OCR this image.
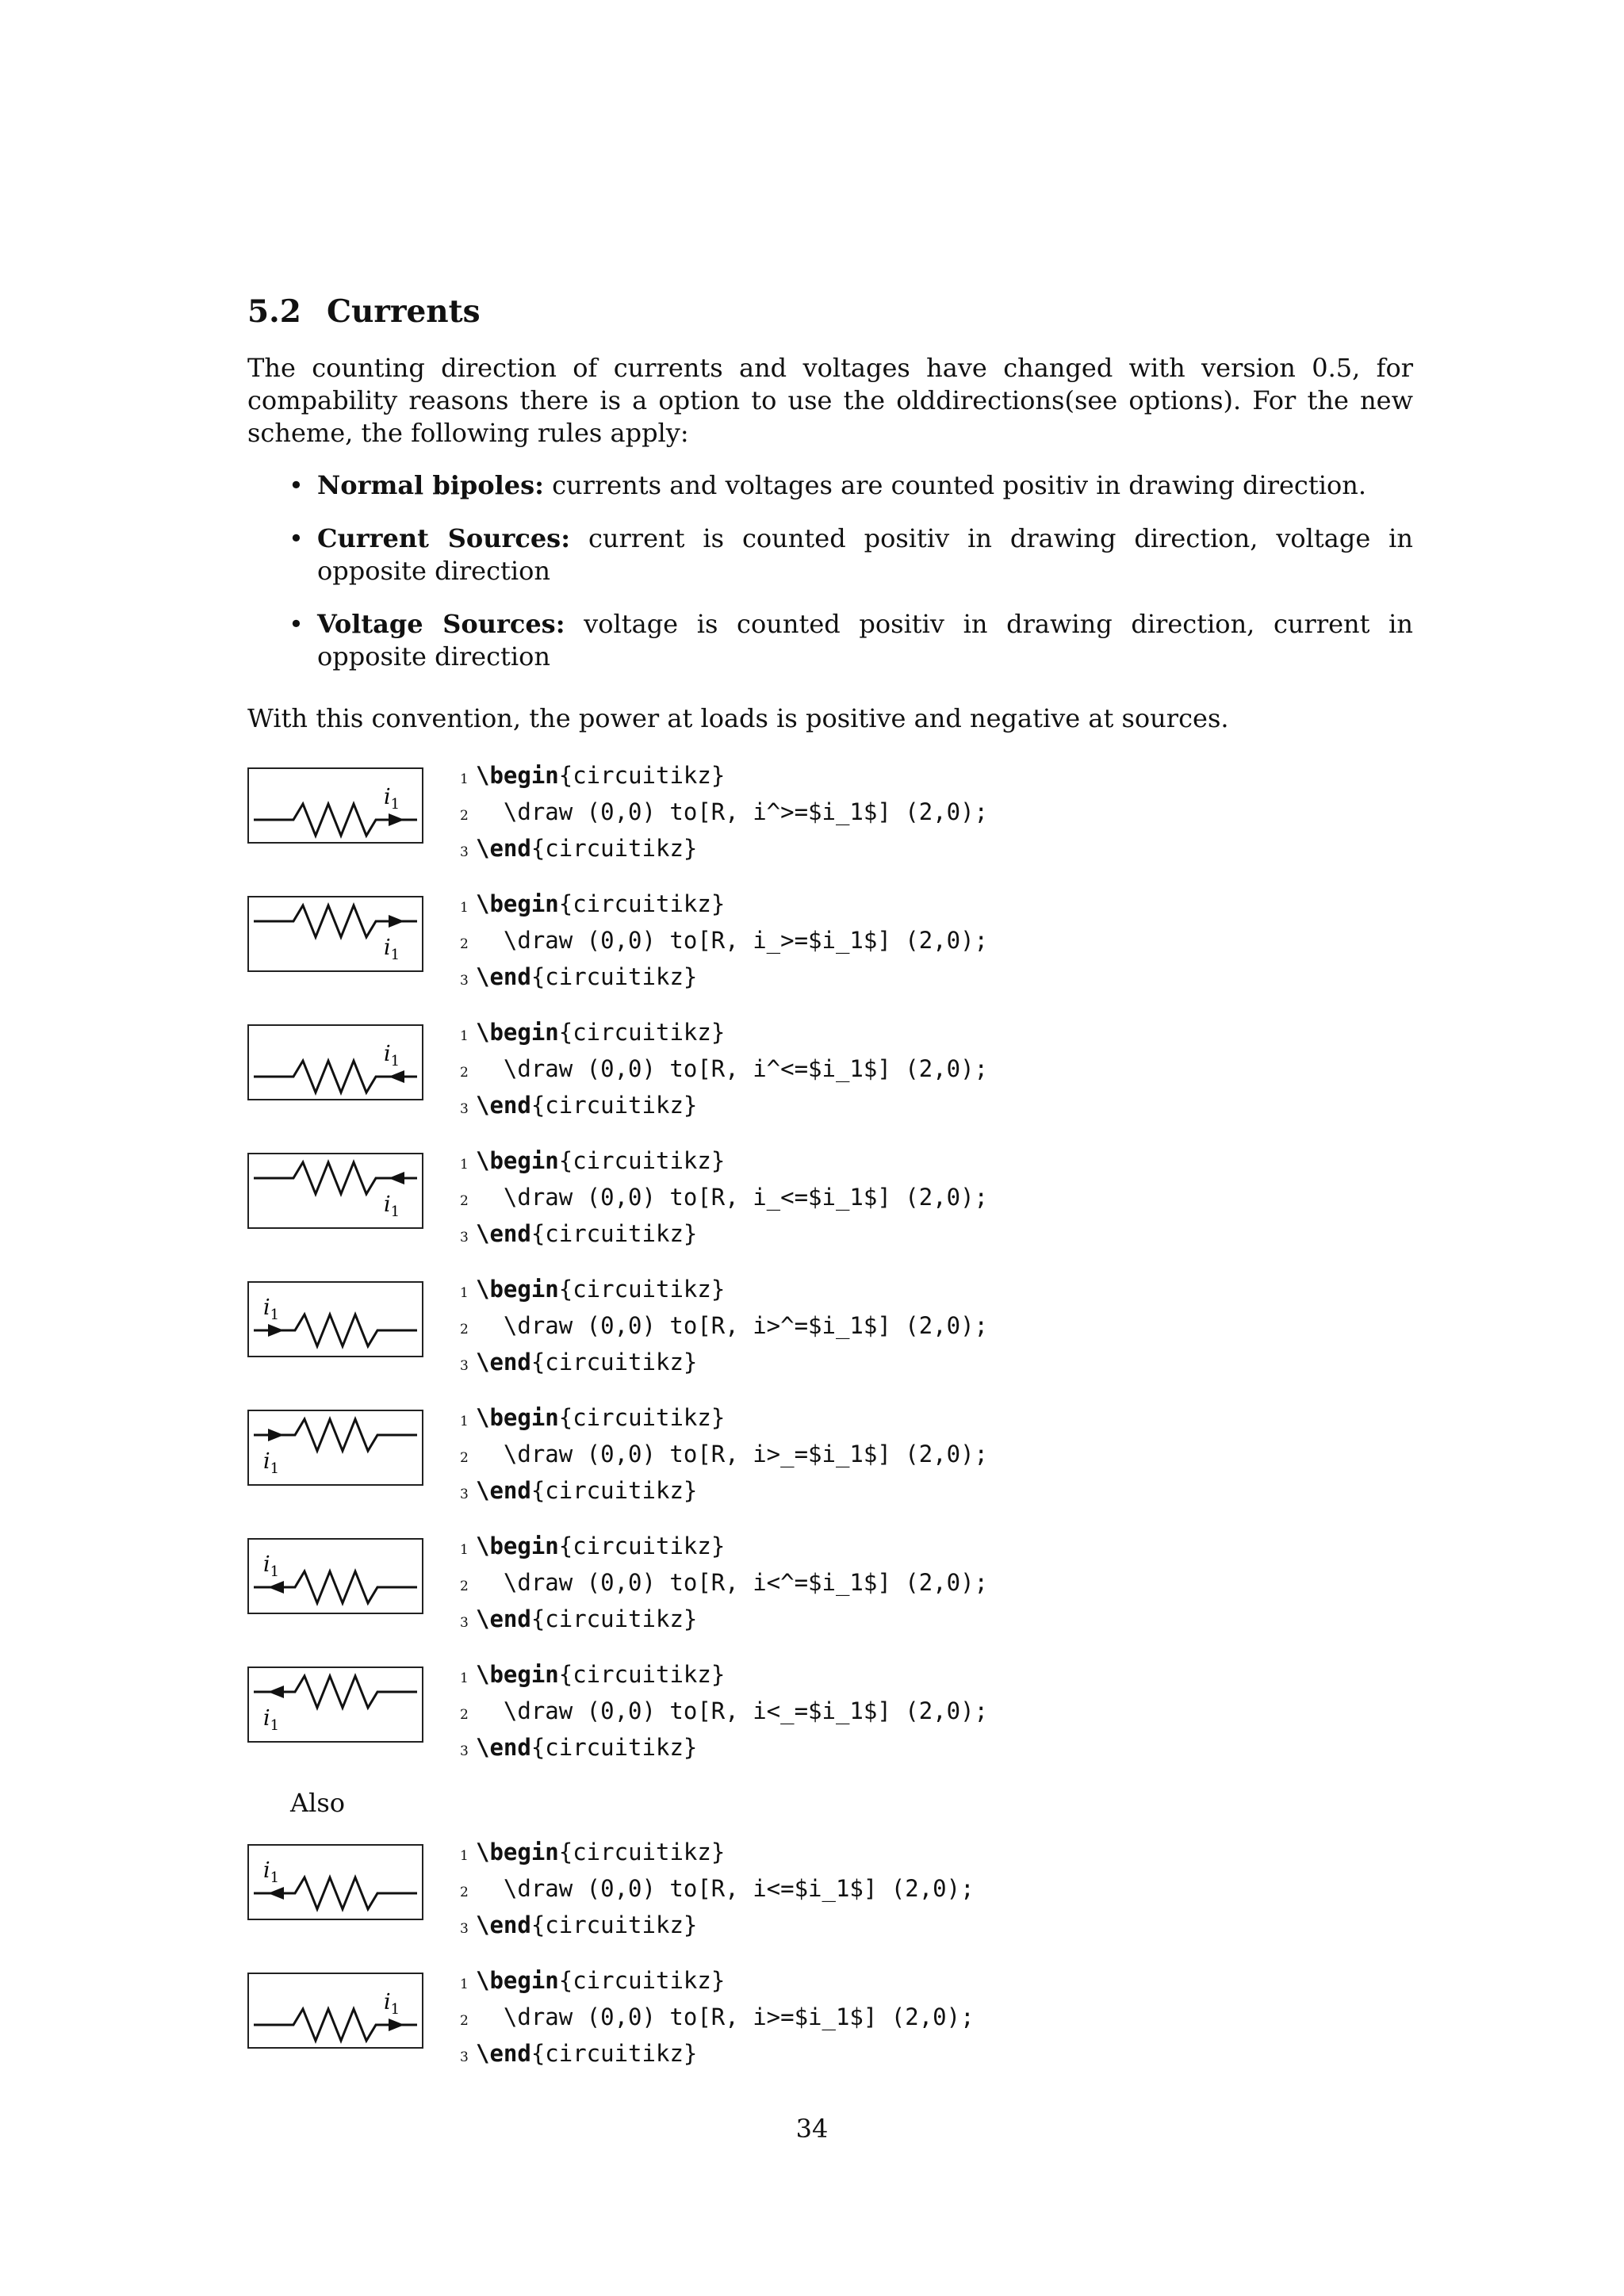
5.2 Currents
The counting direction of currents and voltages have changed with version 0.5, for compability reasons there is a option to use the olddirections(see options). For the new scheme, the following rules apply:
• Normal bipoles: currents and voltages are counted positiv in drawing direction.
• Current Sources: current is counted positiv in drawing direction, voltage in opposite direction
• Voltage Sources: voltage is counted positiv in drawing direction, current in opposite direction
With this convention, the power at loads is positive and negative at sources.
$i_1$
1 \begin{circuitikz}
2  \draw (0,0) to[R, i^>=$i_1$] (2,0);
3 \end{circuitikz}
$i_1$
1 \begin{circuitikz}
2  \draw (0,0) to[R, i_>=$i_1$] (2,0);
3 \end{circuitikz}
$i_1$
1 \begin{circuitikz}
2  \draw (0,0) to[R, i^<=$i_1$] (2,0);
3 \end{circuitikz}
$i_1$
1 \begin{circuitikz}
2  \draw (0,0) to[R, i_<=$i_1$] (2,0);
3 \end{circuitikz}
$i_1$
1 \begin{circuitikz}
2  \draw (0,0) to[R, i>^=$i_1$] (2,0);
3 \end{circuitikz}
$i_1$
1 \begin{circuitikz}
2  \draw (0,0) to[R, i>_=$i_1$] (2,0);
3 \end{circuitikz}
$i_1$
1 \begin{circuitikz}
2  \draw (0,0) to[R, i<^=$i_1$] (2,0);
3 \end{circuitikz}
$i_1$
1 \begin{circuitikz}
2  \draw (0,0) to[R, i<_=$i_1$] (2,0);
3 \end{circuitikz}
Also
$i_1$
1 \begin{circuitikz}
2  \draw (0,0) to[R, i<=$i_1$] (2,0);
3 \end{circuitikz}
$i_1$
1 \begin{circuitikz}
2  \draw (0,0) to[R, i>=$i_1$] (2,0);
3 \end{circuitikz}
34
